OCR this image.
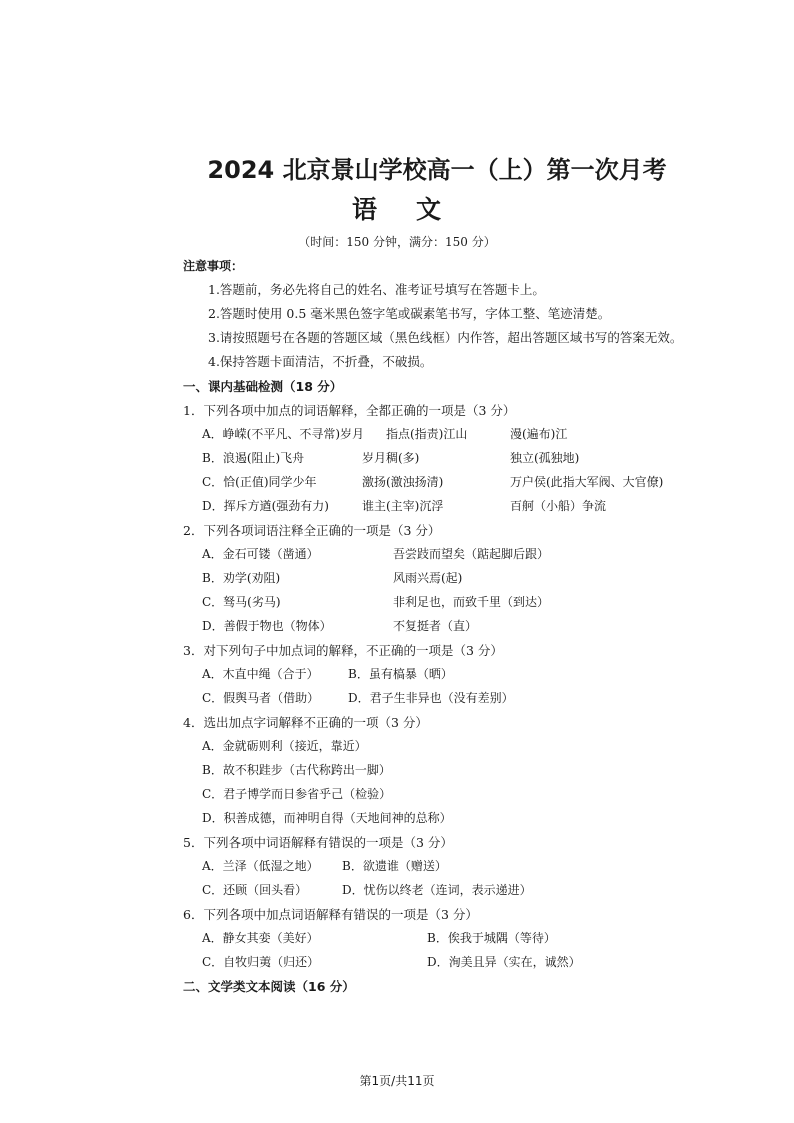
2024 北京景山学校高一（上）第一次月考
语 文
（时间：150 分钟，满分：150 分）
注意事项：
1.答题前，务必先将自己的姓名、准考证号填写在答题卡上。
2.答题时使用 0.5 毫米黑色签字笔或碳素笔书写，字体工整、笔迹清楚。
3.请按照题号在各题的答题区域（黑色线框）内作答，超出答题区域书写的答案无效。
4.保持答题卡面清洁，不折叠，不破损。
一、课内基础检测（18 分）
1．下列各项中加点的词语解释，全都正确的一项是（3 分）
A．峥嵘(不平凡、不寻常)岁月 指点(指责)江山	漫(遍布)江
B．浪遏(阻止)飞舟	岁月稠(多)	独立(孤独地)
C．恰(正值)同学少年	激扬(激浊扬清)	万户侯(此指大军阀、大官僚)
D．挥斥方遒(强劲有力)	谁主(主宰)沉浮	百舸（小船）争流
2．下列各项词语注释全正确的一项是（3 分）
A．金石可镂（凿通）	吾尝跂而望矣（踮起脚后跟）
B．劝学(劝阻)	风雨兴焉(起)
C．驽马(劣马)	非利足也，而致千里（到达）
D．善假于物也（物体）	不复挺者（直）
3．对下列句子中加点词的解释，不正确的一项是（3 分）
A．木直中绳（合于） B．虽有槁暴（晒）
C．假舆马者（借助） D．君子生非异也（没有差别）
4．选出加点字词解释不正确的一项（3 分）
A．金就砺则利（接近，靠近）
B．故不积跬步（古代称跨出一脚）
C．君子博学而日参省乎己（检验）
D．积善成德，而神明自得（天地间神的总称）
5．下列各项中词语解释有错误的一项是（3 分）
A．兰泽（低湿之地） B．欲遗谁（赠送）
C．还顾（回头看）	D．忧伤以终老（连词，表示递进）
6．下列各项中加点词语解释有错误的一项是（3 分）
A．静女其娈（美好）	B．俟我于城隅（等待）
C．自牧归荑（归还）	D．洵美且异（实在，诚然）
二、文学类文本阅读（16 分）
第1页/共11页
